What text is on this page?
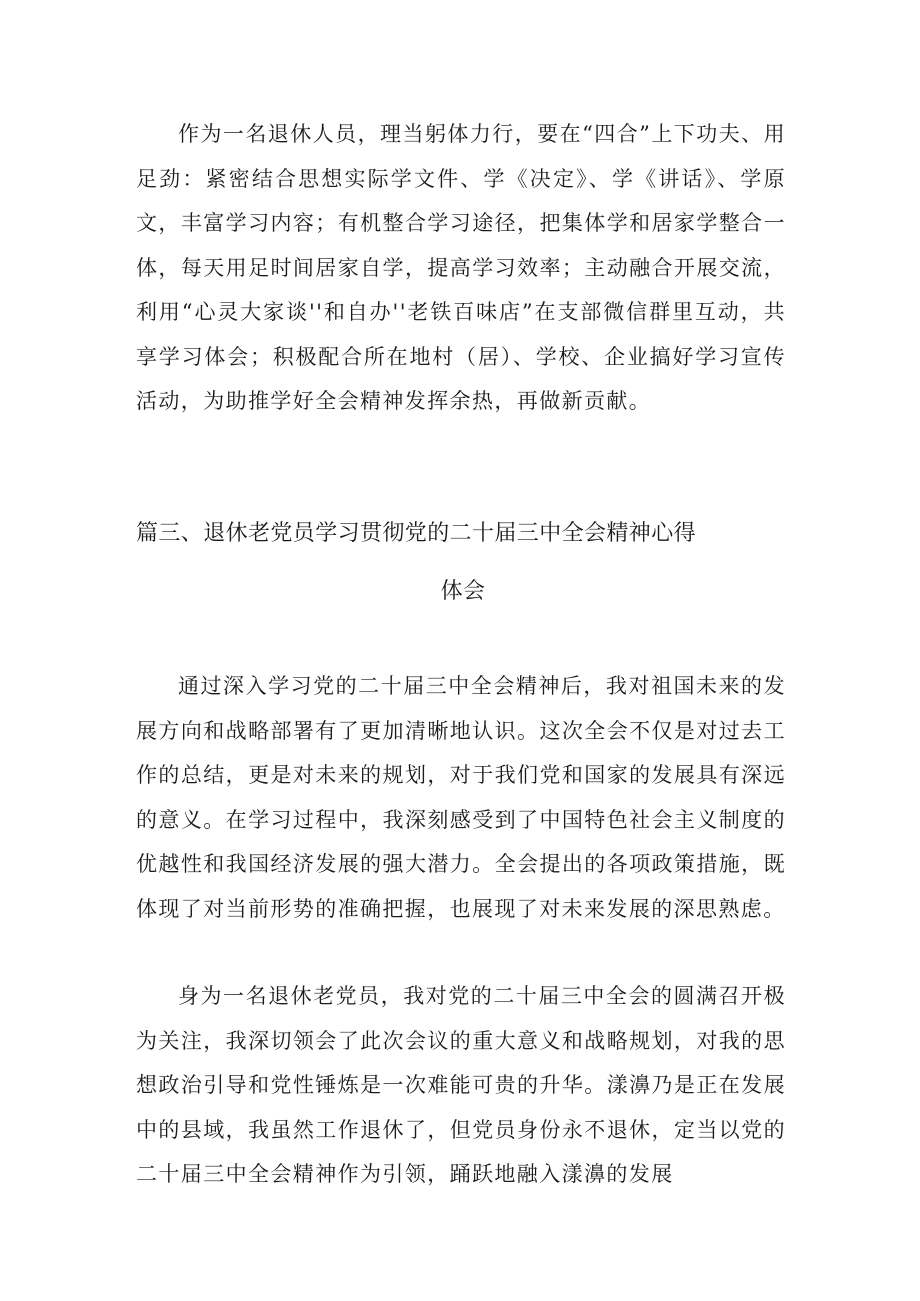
作为一名退休人员，理当躬体力行，要在“四合”上下功夫、用足劲：紧密结合思想实际学文件、学《决定》、学《讲话》、学原文，丰富学习内容；有机整合学习途径，把集体学和居家学整合一体，每天用足时间居家自学，提高学习效率；主动融合开展交流，利用“心灵大家谈''和自办''老铁百味店”在支部微信群里互动，共享学习体会；积极配合所在地村（居）、学校、企业搞好学习宣传活动，为助推学好全会精神发挥余热，再做新贡献。

篇三、退休老党员学习贯彻党的二十届三中全会精神心得
体会

通过深入学习党的二十届三中全会精神后，我对祖国未来的发展方向和战略部署有了更加清晰地认识。这次全会不仅是对过去工作的总结，更是对未来的规划，对于我们党和国家的发展具有深远的意义。在学习过程中，我深刻感受到了中国特色社会主义制度的优越性和我国经济发展的强大潜力。全会提出的各项政策措施，既体现了对当前形势的准确把握，也展现了对未来发展的深思熟虑。

身为一名退休老党员，我对党的二十届三中全会的圆满召开极为关注，我深切领会了此次会议的重大意义和战略规划，对我的思想政治引导和党性锤炼是一次难能可贵的升华。漾濞乃是正在发展中的县域，我虽然工作退休了，但党员身份永不退休，定当以党的二十届三中全会精神作为引领，踊跃地融入漾濞的发展
